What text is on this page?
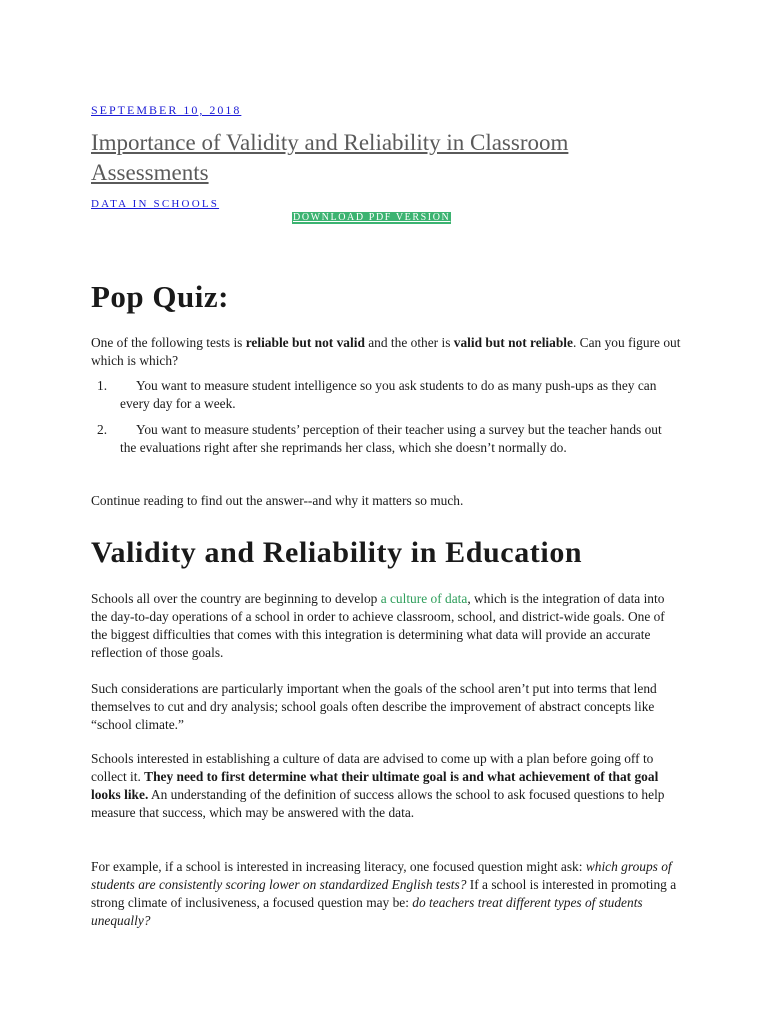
SEPTEMBER 10, 2018
Importance of Validity and Reliability in Classroom Assessments
DATA IN SCHOOLS
DOWNLOAD PDF VERSION
Pop Quiz:

One of the following tests is reliable but not valid and the other is valid but not reliable. Can you figure out which is which?

1. You want to measure student intelligence so you ask students to do as many push-ups as they can every day for a week.
2. You want to measure students’ perception of their teacher using a survey but the teacher hands out the evaluations right after she reprimands her class, which she doesn’t normally do.

Continue reading to find out the answer--and why it matters so much.

Validity and Reliability in Education

Schools all over the country are beginning to develop a culture of data, which is the integration of data into the day-to-day operations of a school in order to achieve classroom, school, and district-wide goals. One of the biggest difficulties that comes with this integration is determining what data will provide an accurate reflection of those goals.

Such considerations are particularly important when the goals of the school aren’t put into terms that lend themselves to cut and dry analysis; school goals often describe the improvement of abstract concepts like “school climate.”

Schools interested in establishing a culture of data are advised to come up with a plan before going off to collect it. They need to first determine what their ultimate goal is and what achievement of that goal looks like. An understanding of the definition of success allows the school to ask focused questions to help measure that success, which may be answered with the data.

For example, if a school is interested in increasing literacy, one focused question might ask: which groups of students are consistently scoring lower on standardized English tests? If a school is interested in promoting a strong climate of inclusiveness, a focused question may be: do teachers treat different types of students unequally?
